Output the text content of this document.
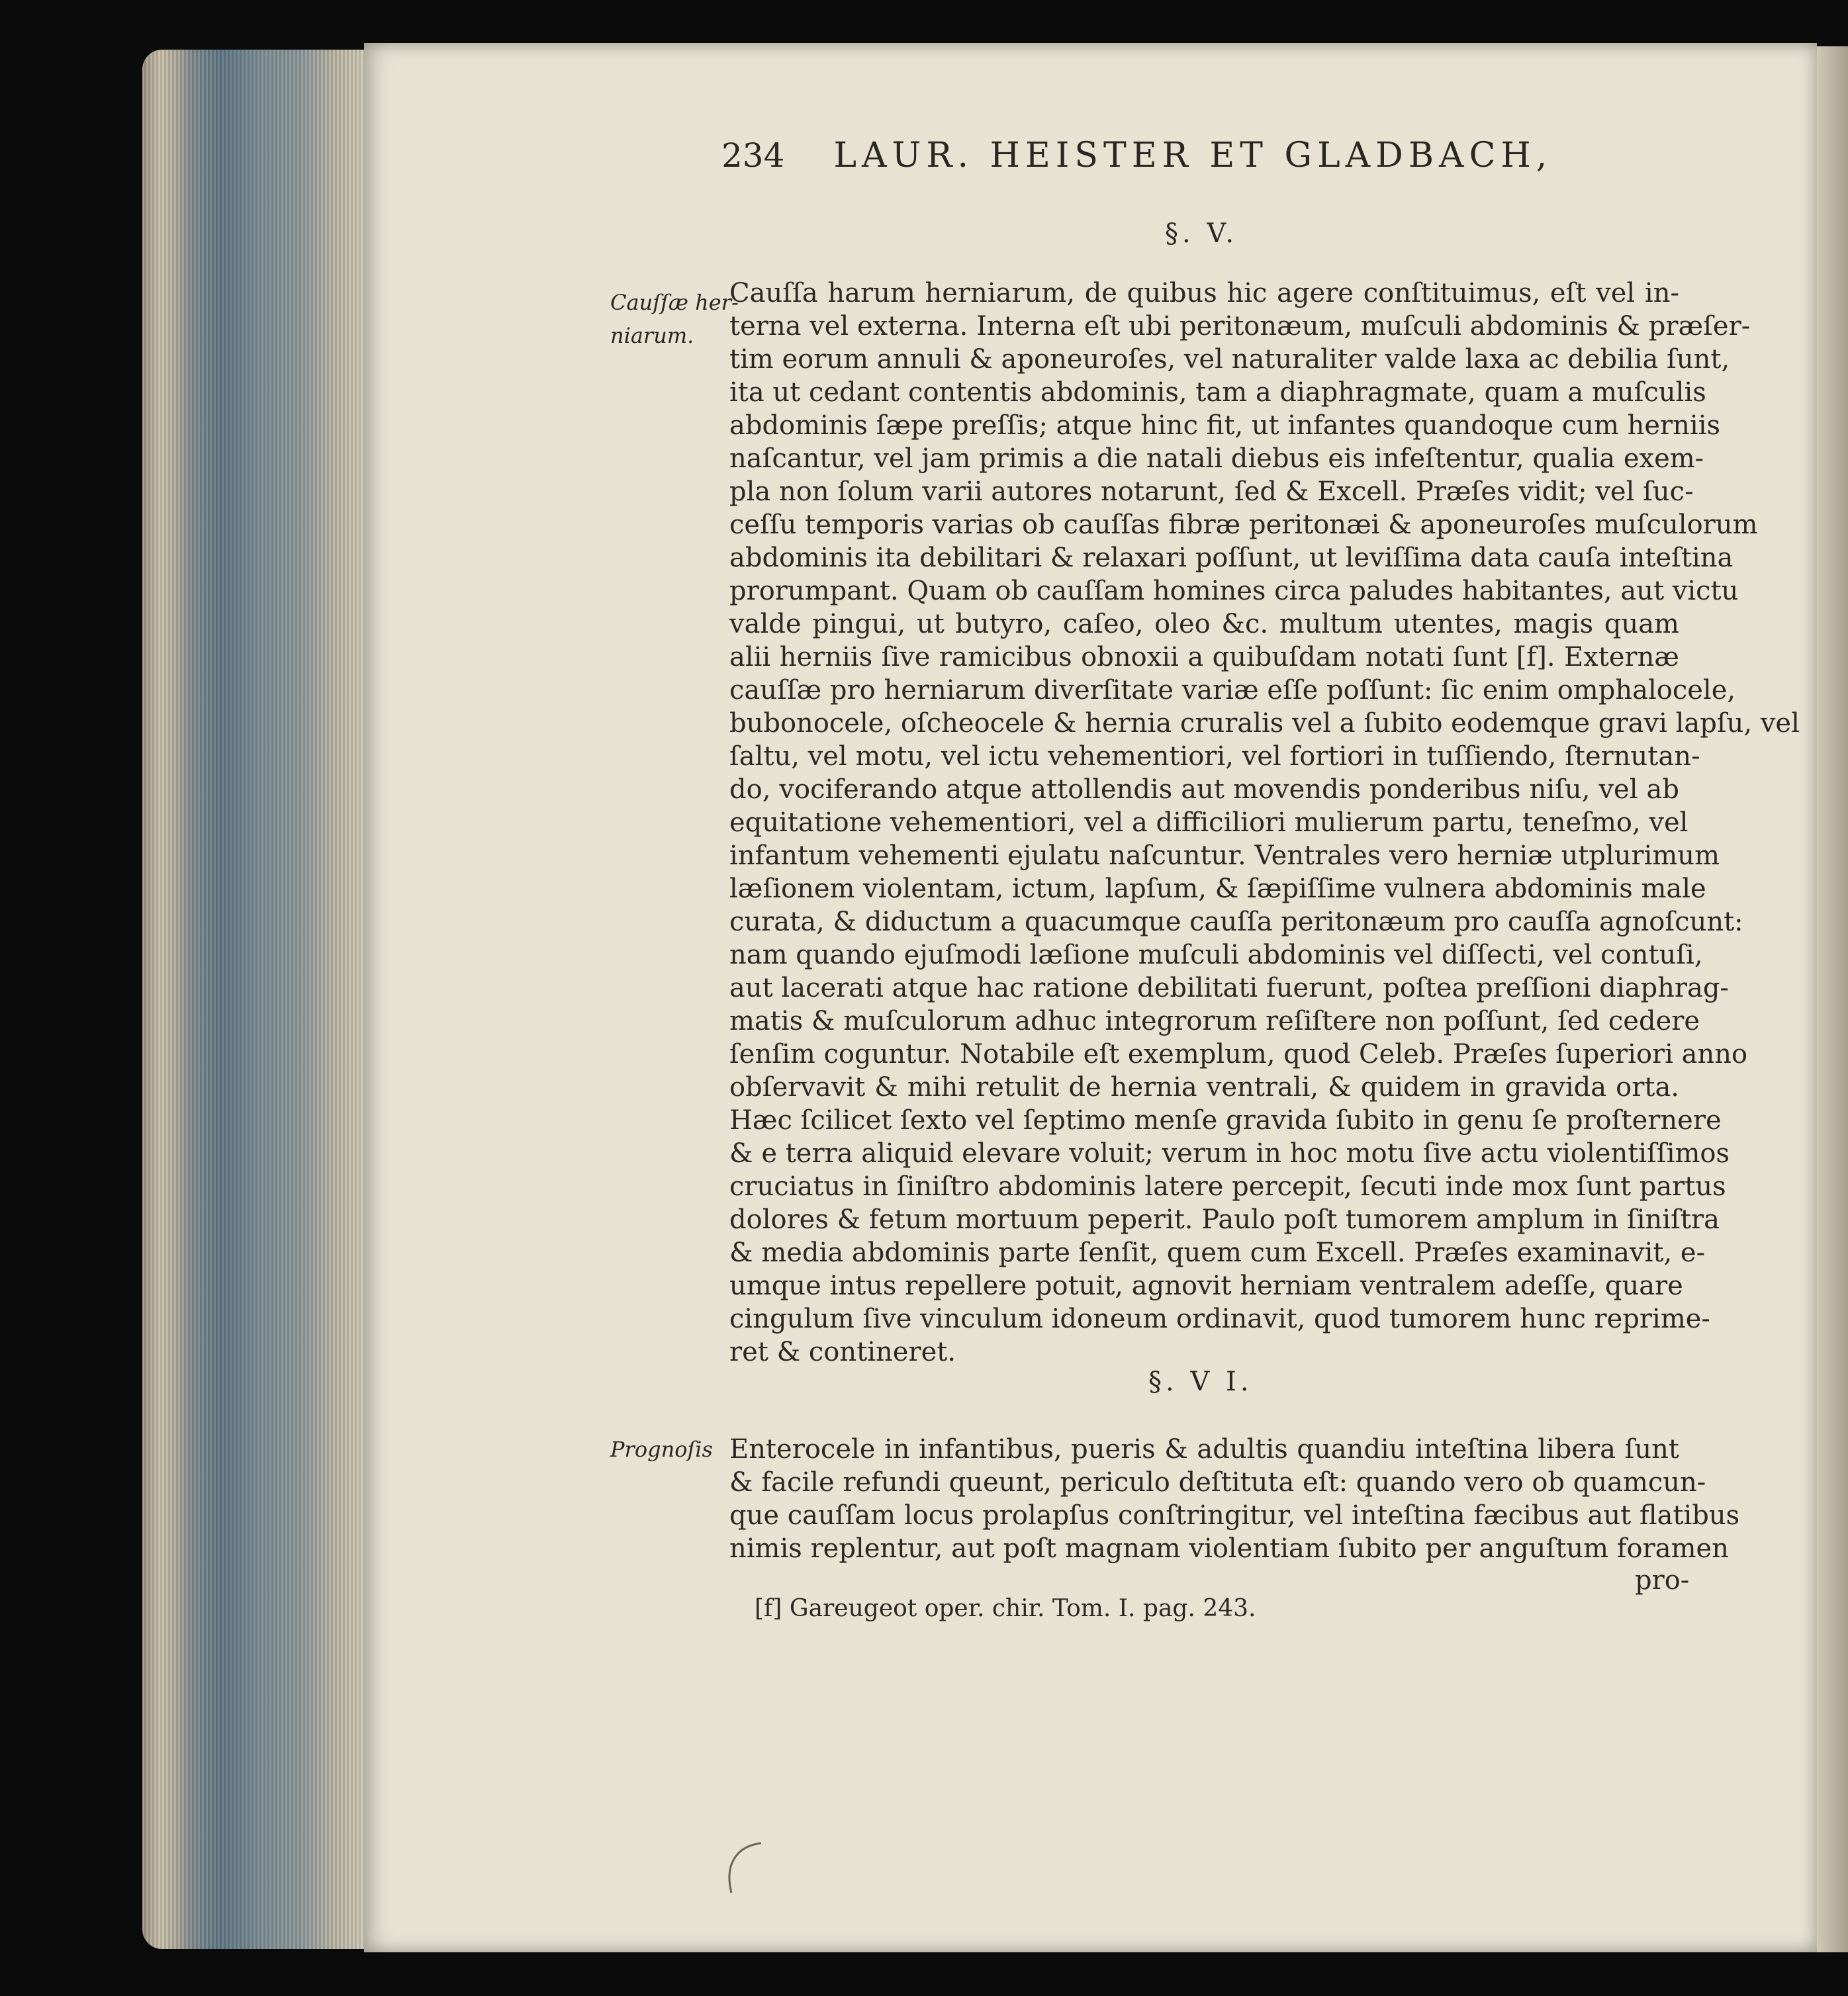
234 LAUR. HEISTER ET GLADBACH,
§. V.
Cauſſæ her-
niarum.
Cauſſa harum herniarum, de quibus hic agere conſtituimus, eſt vel in-
terna vel externa. Interna eſt ubi peritonæum, muſculi abdominis & præſer-
tim eorum annuli & aponeuroſes, vel naturaliter valde laxa ac debilia ſunt,
ita ut cedant contentis abdominis, tam a diaphragmate, quam a muſculis
abdominis ſæpe preſſis; atque hinc fit, ut infantes quandoque cum herniis
naſcantur, vel jam primis a die natali diebus eis infeſtentur, qualia exem-
pla non ſolum varii autores notarunt, ſed & Excell. Præſes vidit; vel ſuc-
ceſſu temporis varias ob cauſſas fibræ peritonæi & aponeuroſes muſculorum
abdominis ita debilitari & relaxari poſſunt, ut leviſſima data cauſa inteſtina
prorumpant. Quam ob cauſſam homines circa paludes habitantes, aut victu
valde pingui, ut butyro, caſeo, oleo &c. multum utentes, magis quam
alii herniis ſive ramicibus obnoxii a quibuſdam notati ſunt [f]. Externæ
cauſſæ pro herniarum diverſitate variæ eſſe poſſunt: ſic enim omphalocele,
bubonocele, oſcheocele & hernia cruralis vel a ſubito eodemque gravi lapſu, vel
ſaltu, vel motu, vel ictu vehementiori, vel fortiori in tuſſiendo, ſternutan-
do, vociferando atque attollendis aut movendis ponderibus niſu, vel ab
equitatione vehementiori, vel a difficiliori mulierum partu, teneſmo, vel
infantum vehementi ejulatu naſcuntur. Ventrales vero herniæ utplurimum
læſionem violentam, ictum, lapſum, & ſæpiſſime vulnera abdominis male
curata, & diductum a quacumque cauſſa peritonæum pro cauſſa agnoſcunt:
nam quando ejuſmodi læſione muſculi abdominis vel diſſecti, vel contuſi,
aut lacerati atque hac ratione debilitati fuerunt, poſtea preſſioni diaphrag-
matis & muſculorum adhuc integrorum reſiſtere non poſſunt, ſed cedere
ſenſim coguntur. Notabile eſt exemplum, quod Celeb. Præſes ſuperiori anno
obſervavit & mihi retulit de hernia ventrali, & quidem in gravida orta.
Hæc ſcilicet ſexto vel ſeptimo menſe gravida ſubito in genu ſe proſternere
& e terra aliquid elevare voluit; verum in hoc motu ſive actu violentiſſimos
cruciatus in ſiniſtro abdominis latere percepit, ſecuti inde mox ſunt partus
dolores & fetum mortuum peperit. Paulo poſt tumorem amplum in ſiniſtra
& media abdominis parte ſenſit, quem cum Excell. Præſes examinavit, e-
umque intus repellere potuit, agnovit herniam ventralem adeſſe, quare
cingulum ſive vinculum idoneum ordinavit, quod tumorem hunc reprime-
ret & contineret.
§. V I.
Prognoſis Enterocele in infantibus, pueris & adultis quandiu inteſtina libera ſunt
& facile refundi queunt, periculo deſtituta eſt: quando vero ob quamcun-
que cauſſam locus prolapſus conſtringitur, vel inteſtina fæcibus aut flatibus
nimis replentur, aut poſt magnam violentiam ſubito per anguſtum foramen
pro-
[f] Gareugeot oper. chir. Tom. I. pag. 243.
